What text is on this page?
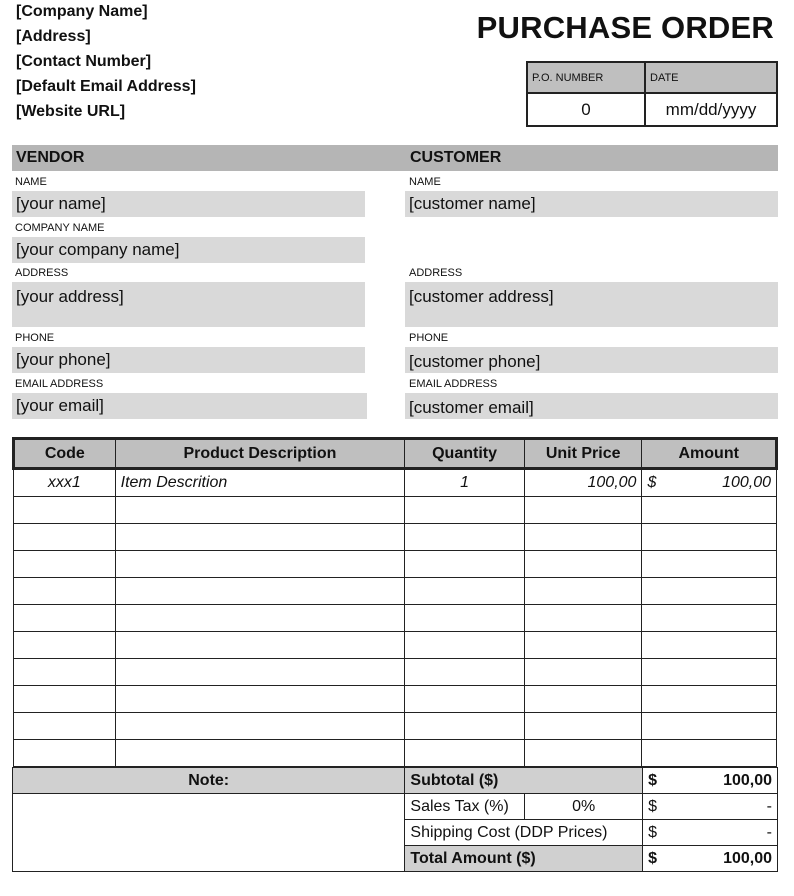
[Company Name]
[Address]
[Contact Number]
[Default Email Address]
[Website URL]
PURCHASE ORDER
P.O. NUMBER	DATE
0	mm/dd/yyyy
VENDOR	CUSTOMER
NAME
[your name]
COMPANY NAME
[your company name]
ADDRESS
[your address]
PHONE
[your phone]
EMAIL ADDRESS
[your email]
NAME
[customer name]
ADDRESS
[customer address]
PHONE
[customer phone]
EMAIL ADDRESS
[customer email]
Code	Product Description	Quantity	Unit Price	Amount
xxx1	Item Descrition	1	100,00	$ 100,00

Note:	Subtotal ($)		$ 100,00

	Sales Tax (%)	0%	$ -

	Shipping Cost (DDP Prices)		$ -

	Total Amount ($)		$ 100,00
